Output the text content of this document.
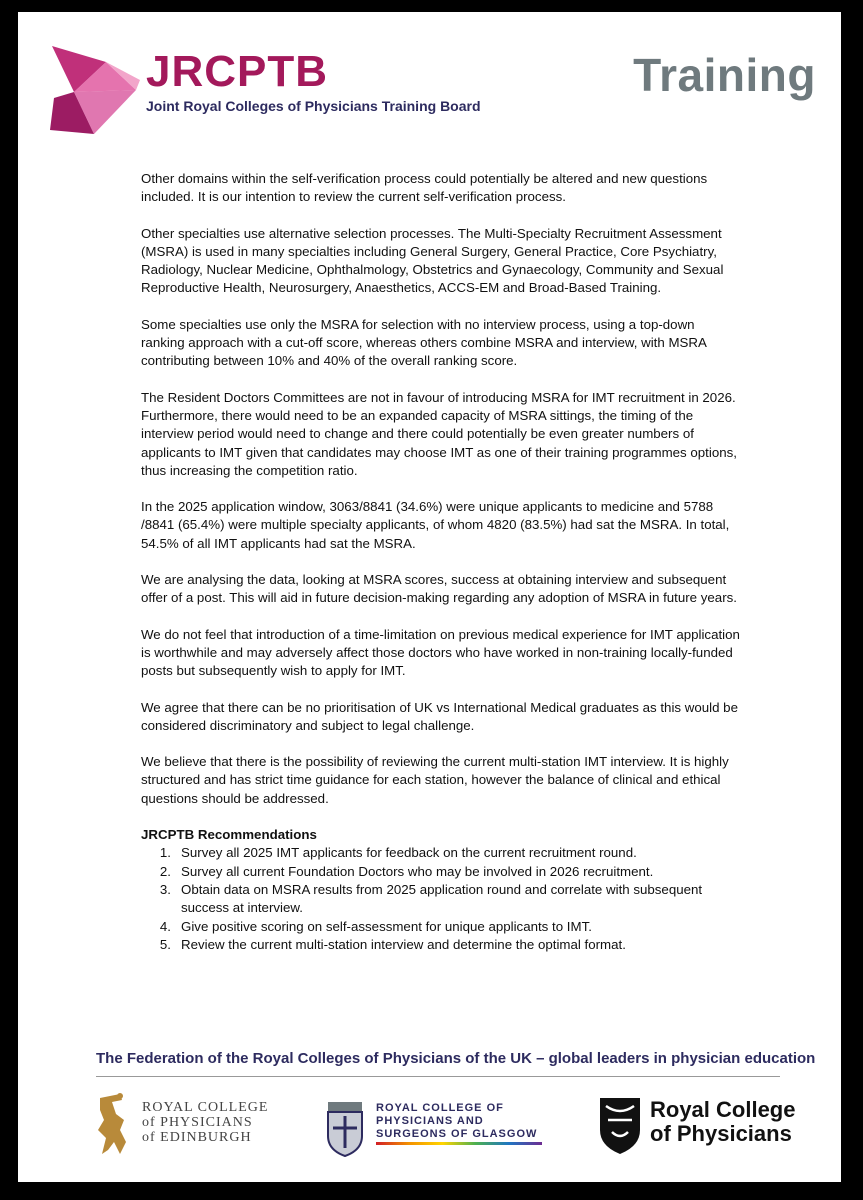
JRCPTB
Joint Royal Colleges of Physicians Training Board
Training

Other domains within the self-verification process could potentially be altered and new questions included. It is our intention to review the current self-verification process.

Other specialties use alternative selection processes. The Multi-Specialty Recruitment Assessment (MSRA) is used in many specialties including General Surgery, General Practice, Core Psychiatry, Radiology, Nuclear Medicine, Ophthalmology, Obstetrics and Gynaecology, Community and Sexual Reproductive Health, Neurosurgery, Anaesthetics, ACCS-EM and Broad-Based Training.

Some specialties use only the MSRA for selection with no interview process, using a top-down ranking approach with a cut-off score, whereas others combine MSRA and interview, with MSRA contributing between 10% and 40% of the overall ranking score.

The Resident Doctors Committees are not in favour of introducing MSRA for IMT recruitment in 2026. Furthermore, there would need to be an expanded capacity of MSRA sittings, the timing of the interview period would need to change and there could potentially be even greater numbers of applicants to IMT given that candidates may choose IMT as one of their training programmes options, thus increasing the competition ratio.

In the 2025 application window, 3063/8841 (34.6%) were unique applicants to medicine and 5788 /8841 (65.4%) were multiple specialty applicants, of whom 4820 (83.5%) had sat the MSRA. In total, 54.5% of all IMT applicants had sat the MSRA.

We are analysing the data, looking at MSRA scores, success at obtaining interview and subsequent offer of a post. This will aid in future decision-making regarding any adoption of MSRA in future years.

We do not feel that introduction of a time-limitation on previous medical experience for IMT application is worthwhile and may adversely affect those doctors who have worked in non-training locally-funded posts but subsequently wish to apply for IMT.

We agree that there can be no prioritisation of UK vs International Medical graduates as this would be considered discriminatory and subject to legal challenge.

We believe that there is the possibility of reviewing the current multi-station IMT interview. It is highly structured and has strict time guidance for each station, however the balance of clinical and ethical questions should be addressed.

JRCPTB Recommendations
1. Survey all 2025 IMT applicants for feedback on the current recruitment round.
2. Survey all current Foundation Doctors who may be involved in 2026 recruitment.
3. Obtain data on MSRA results from 2025 application round and correlate with subsequent success at interview.
4. Give positive scoring on self-assessment for unique applicants to IMT.
5. Review the current multi-station interview and determine the optimal format.
The Federation of the Royal Colleges of Physicians of the UK – global leaders in physician education
ROYAL COLLEGE
of PHYSICIANS
of EDINBURGH
ROYAL COLLEGE OF
PHYSICIANS AND
SURGEONS OF GLASGOW
Royal College
of Physicians
